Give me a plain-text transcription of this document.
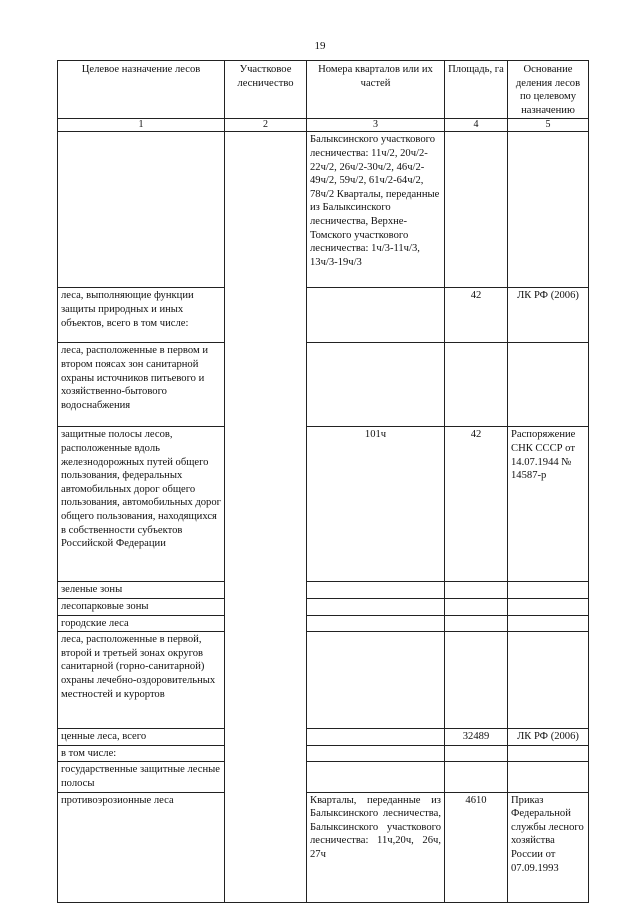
19
Целевое назначение лесов	Участковое лесничество	Номера кварталов или их частей	Площадь, га	Основание деления лесов по целевому назначению
1	2	3	4	5
		Балыксинского участкового лесничества: 11ч/2, 20ч/2-22ч/2, 26ч/2-30ч/2, 46ч/2-49ч/2, 59ч/2, 61ч/2-64ч/2, 78ч/2 Кварталы, переданные из Балыксинского лесничества, Верхне-Томского участкового лесничества: 1ч/3-11ч/3, 13ч/3-19ч/3		
леса, выполняющие функции защиты природных и иных объектов, всего в том числе:			42	ЛК РФ (2006)
леса, расположенные в первом и втором поясах зон санитарной охраны источников питьевого и хозяйственно-бытового водоснабжения				
защитные полосы лесов, расположенные вдоль железнодорожных путей общего пользования, федеральных автомобильных дорог общего пользования, автомобильных дорог общего пользования, находящихся в собственности субъектов Российской Федерации		101ч	42	Распоряжение СНК СССР от 14.07.1944 № 14587-р
зеленые зоны				
лесопарковые зоны				
городские леса				
леса, расположенные в первой, второй и третьей зонах округов санитарной (горно-санитарной) охраны лечебно-оздоровительных местностей и курортов				
ценные леса, всего			32489	ЛК РФ (2006)
в том числе:				
государственные защитные лесные полосы				
противоэрозионные леса		Кварталы, переданные из Балыксинского лесничества, Балыксинского участкового лесничества: 11ч,20ч, 26ч, 27ч	4610	Приказ Федеральной службы лесного хозяйства России от 07.09.1993
